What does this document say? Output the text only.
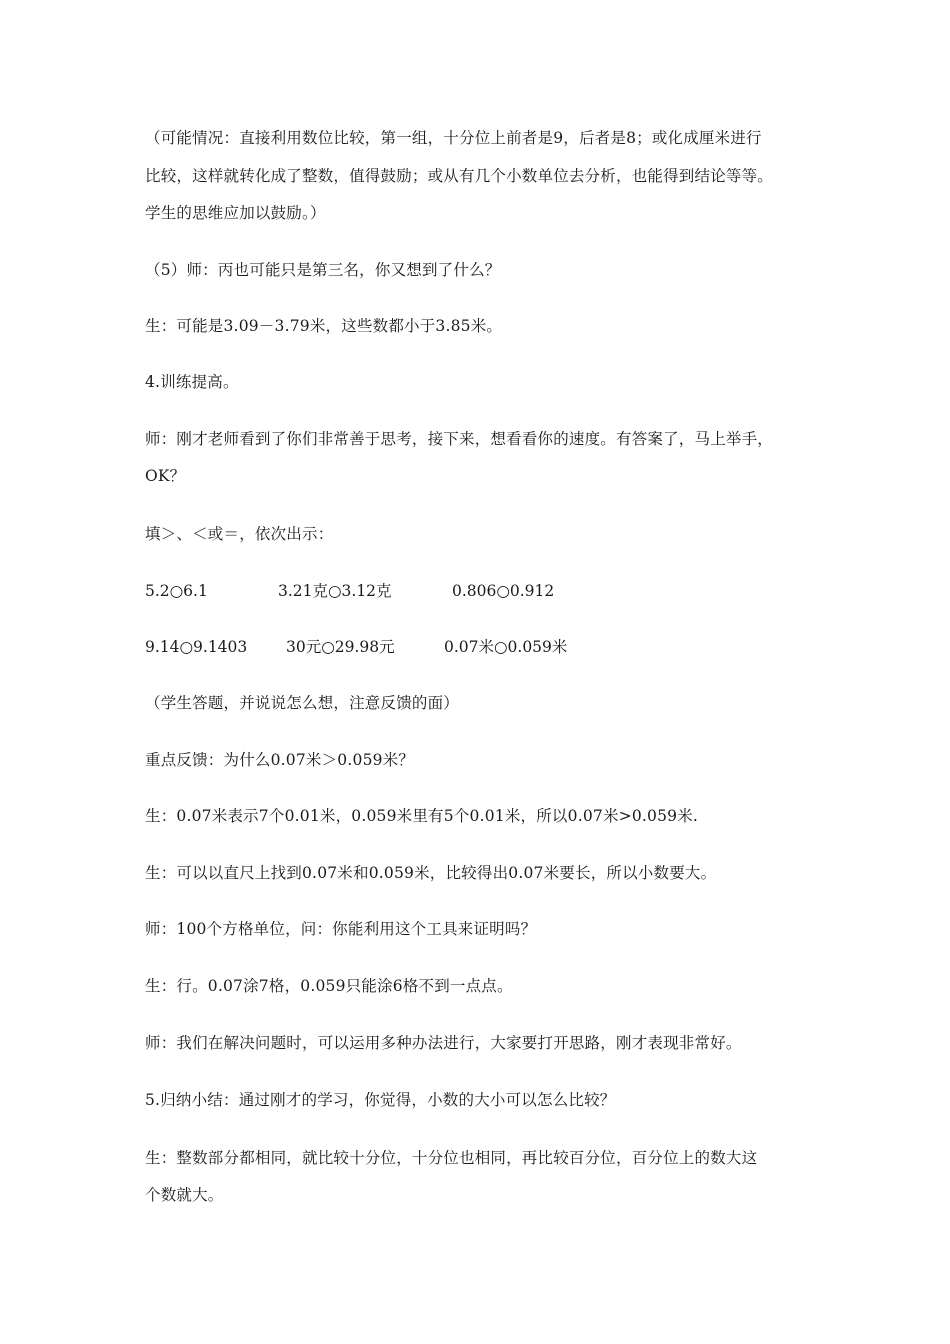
（可能情况：直接利用数位比较，第一组，十分位上前者是9，后者是8；或化成厘米进行
比较，这样就转化成了整数，值得鼓励；或从有几个小数单位去分析，也能得到结论等等。
学生的思维应加以鼓励。）
（5）师：丙也可能只是第三名，你又想到了什么？
生：可能是3.09－3.79米，这些数都小于3.85米。
4.训练提高。
师：刚才老师看到了你们非常善于思考，接下来，想看看你的速度。有答案了，马上举手，
OK？
填＞、＜或＝，依次出示：
5.2○6.1	3.21克○3.12克	0.806○0.912
9.14○9.1403 30元○29.98元	0.07米○0.059米
（学生答题，并说说怎么想，注意反馈的面）
重点反馈：为什么0.07米＞0.059米？
生：0.07米表示7个0.01米，0.059米里有5个0.01米，所以0.07米>0.059米.
生：可以以直尺上找到0.07米和0.059米，比较得出0.07米要长，所以小数要大。
师：100个方格单位，问：你能利用这个工具来证明吗？
生：行。0.07涂7格，0.059只能涂6格不到一点点。
师：我们在解决问题时，可以运用多种办法进行，大家要打开思路，刚才表现非常好。
5.归纳小结：通过刚才的学习，你觉得，小数的大小可以怎么比较？
生：整数部分都相同，就比较十分位，十分位也相同，再比较百分位，百分位上的数大这
个数就大。
